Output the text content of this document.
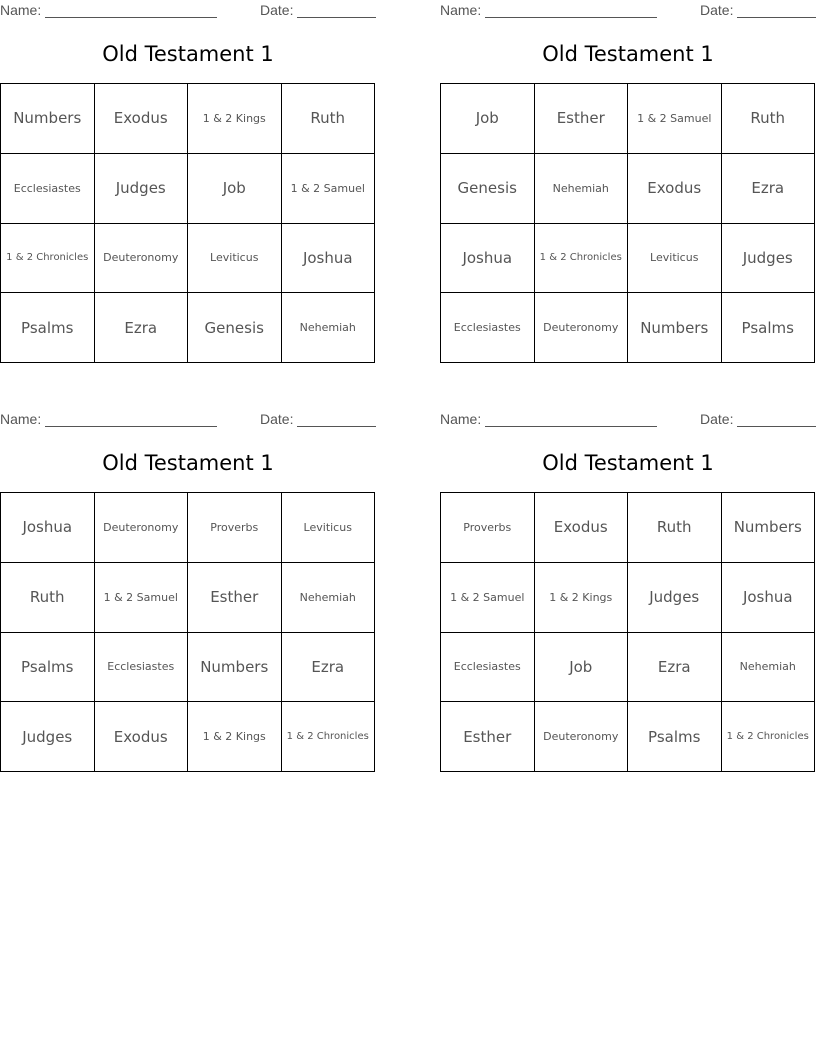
Name:	Date:
Old Testament 1
Numbers	Exodus	1 & 2 Kings	Ruth
Ecclesiastes	Judges	Job	1 & 2 Samuel
1 & 2 Chronicles	Deuteronomy	Leviticus	Joshua
Psalms	Ezra	Genesis	Nehemiah
Name:	Date:
Old Testament 1
Job	Esther	1 & 2 Samuel	Ruth
Genesis	Nehemiah	Exodus	Ezra
Joshua	1 & 2 Chronicles	Leviticus	Judges
Ecclesiastes	Deuteronomy	Numbers	Psalms
Name:	Date:
Old Testament 1
Joshua	Deuteronomy	Proverbs	Leviticus
Ruth	1 & 2 Samuel	Esther	Nehemiah
Psalms	Ecclesiastes	Numbers	Ezra
Judges	Exodus	1 & 2 Kings	1 & 2 Chronicles
Name:	Date:
Old Testament 1
Proverbs	Exodus	Ruth	Numbers
1 & 2 Samuel	1 & 2 Kings	Judges	Joshua
Ecclesiastes	Job	Ezra	Nehemiah
Esther	Deuteronomy	Psalms	1 & 2 Chronicles
